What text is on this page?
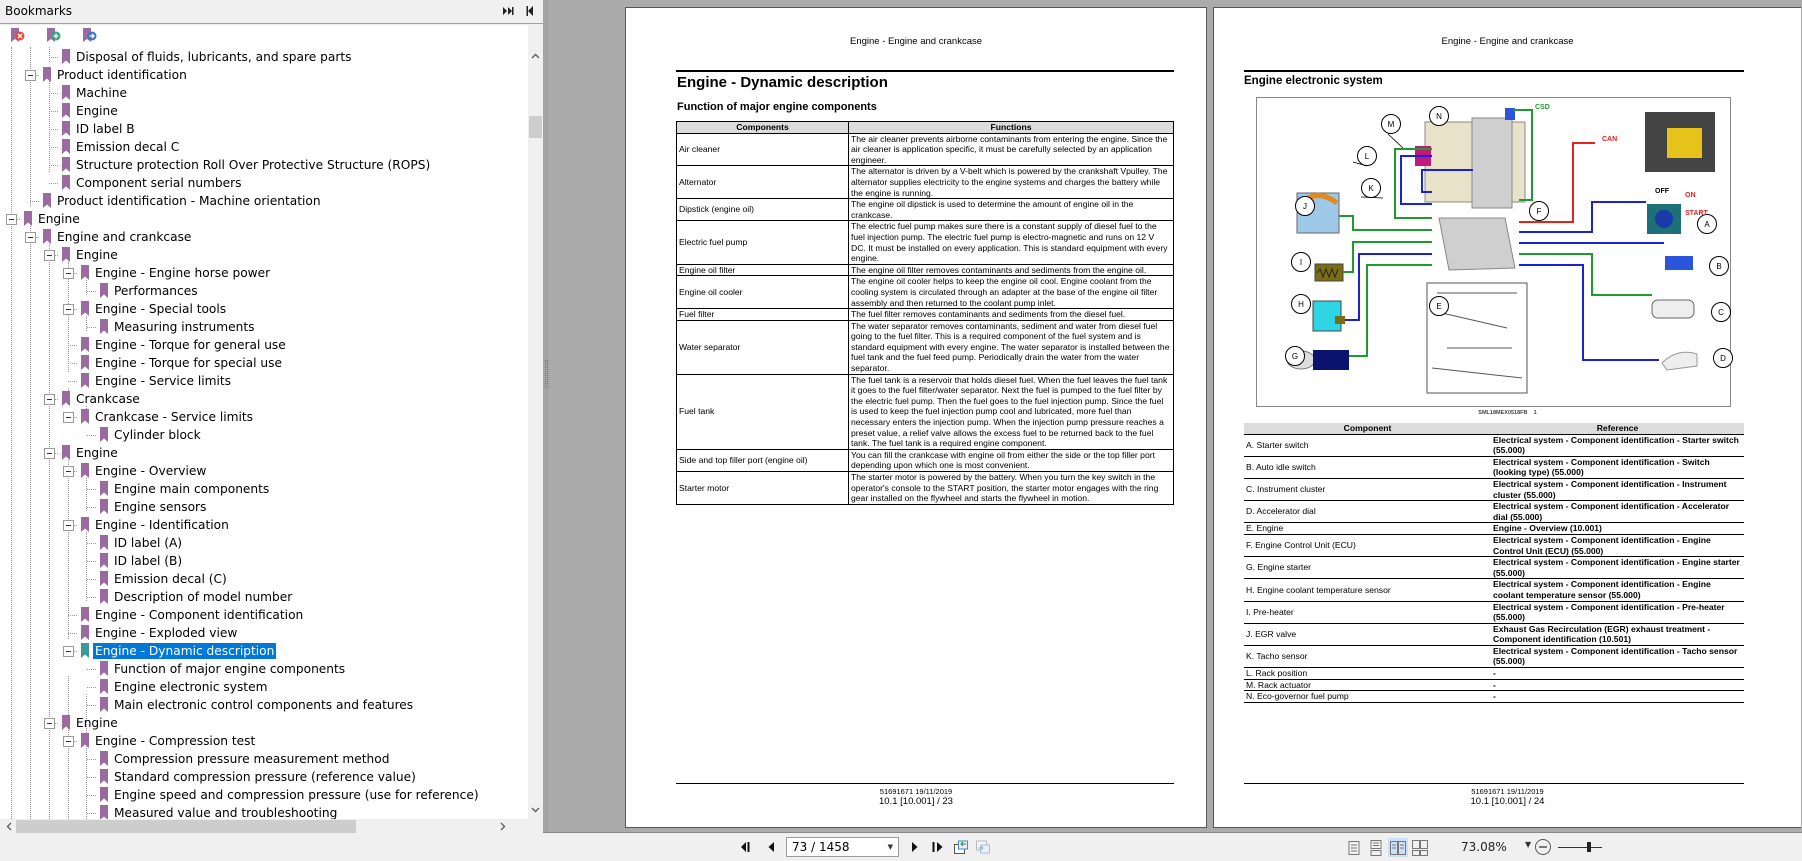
Bookmarks
Disposal of fluids, lubricants, and spare parts
Product identification
Machine
Engine
ID label B
Emission decal C
Structure protection Roll Over Protective Structure (ROPS)
Component serial numbers
Product identification - Machine orientation
Engine
Engine and crankcase
Engine
Engine - Engine horse power
Performances
Engine - Special tools
Measuring instruments
Engine - Torque for general use
Engine - Torque for special use
Engine - Service limits
Crankcase
Crankcase - Service limits
Cylinder block
Engine
Engine - Overview
Engine main components
Engine sensors
Engine - Identification
ID label (A)
ID label (B)
Emission decal (C)
Description of model number
Engine - Component identification
Engine - Exploded view
Engine - Dynamic description
Function of major engine components
Engine electronic system
Main electronic control components and features
Engine
Engine - Compression test
Compression pressure measurement method
Standard compression pressure (reference value)
Engine speed and compression pressure (use for reference)
Measured value and troubleshooting
Engine - Engine and crankcase
Engine - Dynamic description
Function of major engine components
Components	Functions
Air cleaner	The air cleaner prevents airborne contaminants from entering the engine. Since the air cleaner is application specific, it must be carefully selected by an application engineer.
Alternator	The alternator is driven by a V-belt which is powered by the crankshaft Vpulley. The alternator supplies electricity to the engine systems and charges the battery while the engine is running.
Dipstick (engine oil)	The engine oil dipstick is used to determine the amount of engine oil in the crankcase.
Electric fuel pump	The electric fuel pump makes sure there is a constant supply of diesel fuel to the fuel injection pump. The electric fuel pump is electro-magnetic and runs on 12 V DC. It must be installed on every application. This is standard equipment with every engine.
Engine oil filter	The engine oil filter removes contaminants and sediments from the engine oil.
Engine oil cooler	The engine oil cooler helps to keep the engine oil cool. Engine coolant from the cooling system is circulated through an adapter at the base of the engine oil filter assembly and then returned to the coolant pump inlet.
Fuel filter	The fuel filter removes contaminants and sediments from the diesel fuel.
Water separator	The water separator removes contaminants, sediment and water from diesel fuel going to the fuel filter. This is a required component of the fuel system and is standard equipment with every engine. The water separator is installed between the fuel tank and the fuel feed pump. Periodically drain the water from the water separator.
Fuel tank	The fuel tank is a reservoir that holds diesel fuel. When the fuel leaves the fuel tank it goes to the fuel filter/water separator. Next the fuel is pumped to the fuel filter by the electric fuel pump. Then the fuel goes to the fuel injection pump. Since the fuel is used to keep the fuel injection pump cool and lubricated, more fuel than necessary enters the injection pump. When the injection pump pressure reaches a preset value, a relief valve allows the excess fuel to be returned back to the fuel tank. The fuel tank is a required engine component.
Side and top filler port (engine oil)	You can fill the crankcase with engine oil from either the side or the top filler port depending upon which one is most convenient.
Starter motor	The starter motor is powered by the battery. When you turn the key switch in the operator's console to the START position, the starter motor engages with the ring gear installed on the flywheel and starts the flywheel in motion.
51691671 19/11/2019
10.1 [10.001] / 23
Engine - Engine and crankcase
Engine electronic system
M
N
L
K
J
I
H
G
E
F
A
B
C
D
CSD
CAN
OFF
ON
START
SML18MEX0518FB 1
Component	Reference
A. Starter switch	Electrical system - Component identification - Starter switch (55.000)
B. Auto idle switch	Electrical system - Component identification - Switch (looking type) (55.000)
C. Instrument cluster	Electrical system - Component identification - Instrument cluster (55.000)
D. Accelerator dial	Electrical system - Component identification - Accelerator dial (55.000)
E. Engine	Engine - Overview (10.001)
F. Engine Control Unit (ECU)	Electrical system - Component identification - Engine Control Unit (ECU) (55.000)
G. Engine starter	Electrical system - Component identification - Engine starter (55.000)
H. Engine coolant temperature sensor	Electrical system - Component identification - Engine coolant temperature sensor (55.000)
I. Pre-heater	Electrical system - Component identification - Pre-heater (55.000)
J. EGR valve	Exhaust Gas Recirculation (EGR) exhaust treatment - Component identification (10.501)
K. Tacho sensor	Electrical system - Component identification - Tacho sensor (55.000)
L. Rack position	-
M. Rack actuator	-
N. Eco-governor fuel pump	-
51691671 19/11/2019
10.1 [10.001] / 24
73 / 1458	▼	73.08% ▼
